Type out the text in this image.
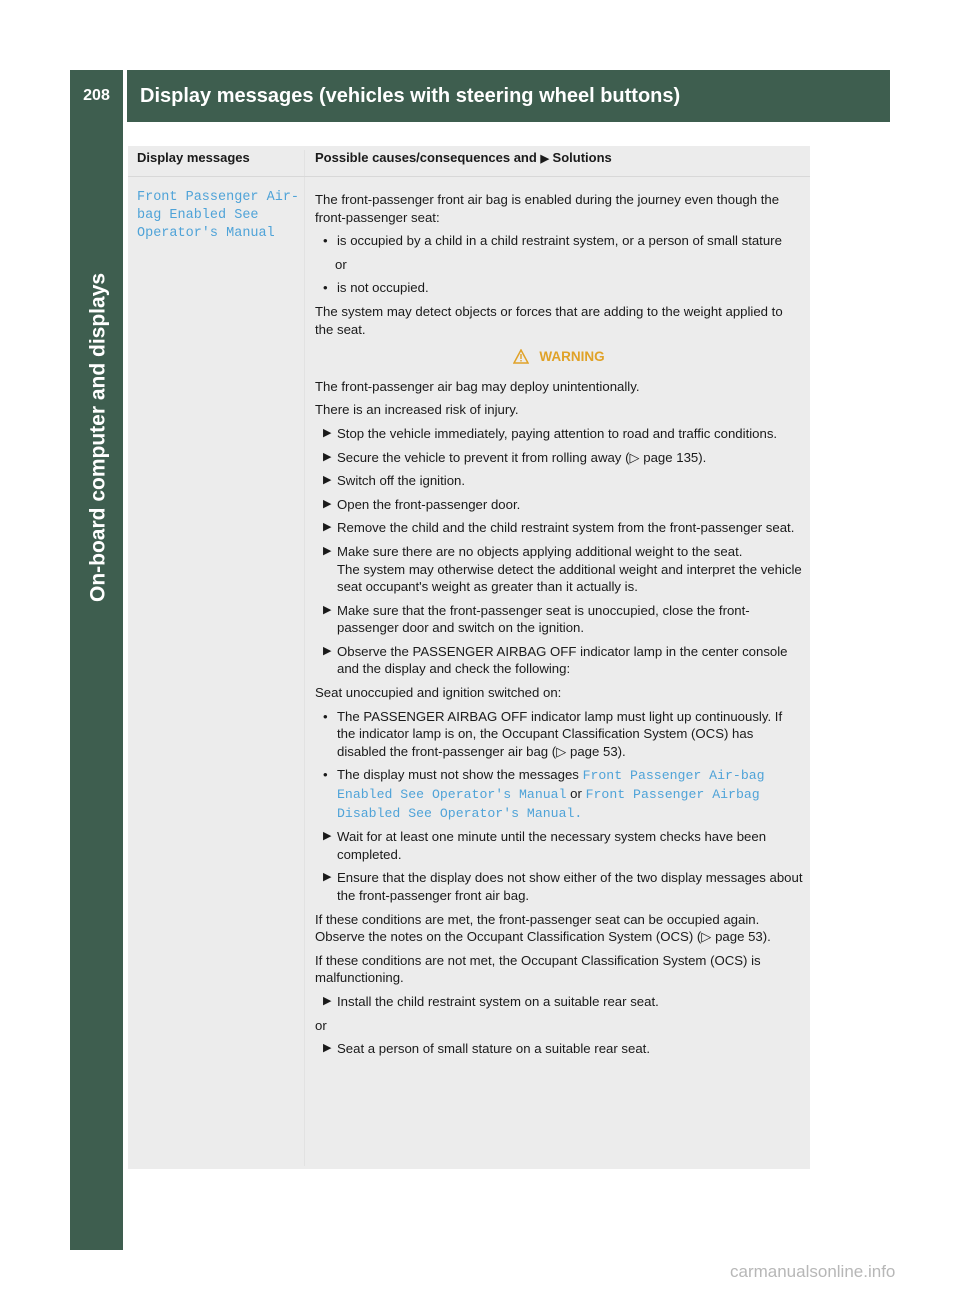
208	Display messages (vehicles with steering wheel buttons)
On-board computer and displays
Display messages	Possible causes/consequences and ▶ Solutions
Front Passenger Air-bag Enabled See Operator's Manual

The front-passenger front air bag is enabled during the journey even though the front-passenger seat:

• is occupied by a child in a child restraint system, or a person of small stature
or
• is not occupied.

The system may detect objects or forces that are adding to the weight applied to the seat.

WARNING

The front-passenger air bag may deploy unintentionally.

There is an increased risk of injury.

▶ Stop the vehicle immediately, paying attention to road and traffic conditions.
▶ Secure the vehicle to prevent it from rolling away (▷ page 135).
▶ Switch off the ignition.
▶ Open the front-passenger door.
▶ Remove the child and the child restraint system from the front-passenger seat.
▶ Make sure there are no objects applying additional weight to the seat.
The system may otherwise detect the additional weight and interpret the vehicle seat occupant's weight as greater than it actually is.
▶ Make sure that the front-passenger seat is unoccupied, close the front-passenger door and switch on the ignition.
▶ Observe the PASSENGER AIRBAG OFF indicator lamp in the center console and the display and check the following:

Seat unoccupied and ignition switched on:

• The PASSENGER AIRBAG OFF indicator lamp must light up continuously. If the indicator lamp is on, the Occupant Classification System (OCS) has disabled the front-passenger air bag (▷ page 53).
• The display must not show the messages Front Passenger Air-bag Enabled See Operator's Manual or Front Passenger Airbag Disabled See Operator's Manual.
▶ Wait for at least one minute until the necessary system checks have been completed.
▶ Ensure that the display does not show either of the two display messages about the front-passenger front air bag.

If these conditions are met, the front-passenger seat can be occupied again. Observe the notes on the Occupant Classification System (OCS) (▷ page 53).

If these conditions are not met, the Occupant Classification System (OCS) is malfunctioning.

▶ Install the child restraint system on a suitable rear seat.
or
▶ Seat a person of small stature on a suitable rear seat.
carmanualsonline.info
